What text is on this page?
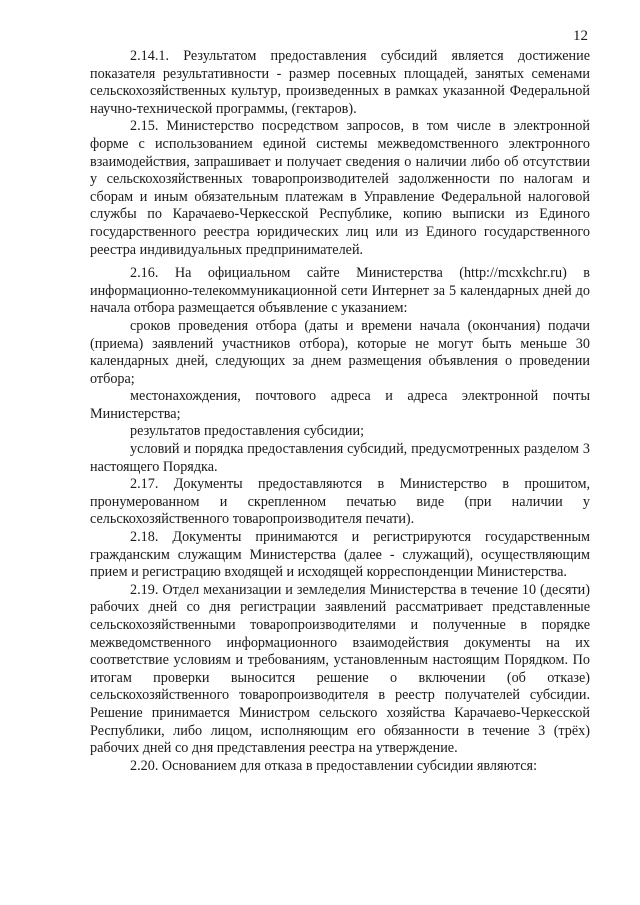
12

2.14.1. Результатом предоставления субсидий является достижение показателя результативности - размер посевных площадей, занятых семенами сельскохозяйственных культур, произведенных в рамках указанной Федеральной научно-технической программы, (гектаров).

2.15. Министерство посредством запросов, в том числе в электронной форме с использованием единой системы межведомственного электронного взаимодействия, запрашивает и получает сведения о наличии либо об отсутствии у сельскохозяйственных товаропроизводителей задолженности по налогам и сборам и иным обязательным платежам в Управление Федеральной налоговой службы по Карачаево-Черкесской Республике, копию выписки из Единого государственного реестра юридических лиц или из Единого государственного реестра индивидуальных предпринимателей.

2.16. На официальном сайте Министерства (http://mcxkchr.ru) в информационно-телекоммуникационной сети Интернет за 5 календарных дней до начала отбора размещается объявление с указанием:

сроков проведения отбора (даты и времени начала (окончания) подачи (приема) заявлений участников отбора), которые не могут быть меньше 30 календарных дней, следующих за днем размещения объявления о проведении отбора;

местонахождения, почтового адреса и адреса электронной почты Министерства;

результатов предоставления субсидии;

условий и порядка предоставления субсидий, предусмотренных разделом 3 настоящего Порядка.

2.17. Документы предоставляются в Министерство в прошитом, пронумерованном и скрепленном печатью виде (при наличии у сельскохозяйственного товаропроизводителя печати).

2.18. Документы принимаются и регистрируются государственным гражданским служащим Министерства (далее - служащий), осуществляющим прием и регистрацию входящей и исходящей корреспонденции Министерства.

2.19. Отдел механизации и земледелия Министерства в течение 10 (десяти) рабочих дней со дня регистрации заявлений рассматривает представленные сельскохозяйственными товаропроизводителями и полученные в порядке межведомственного информационного взаимодействия документы на их соответствие условиям и требованиям, установленным настоящим Порядком. По итогам проверки выносится решение о включении (об отказе) сельскохозяйственного товаропроизводителя в реестр получателей субсидии. Решение принимается Министром сельского хозяйства Карачаево-Черкесской Республики, либо лицом, исполняющим его обязанности в течение 3 (трёх) рабочих дней со дня представления реестра на утверждение.

2.20. Основанием для отказа в предоставлении субсидии являются:
